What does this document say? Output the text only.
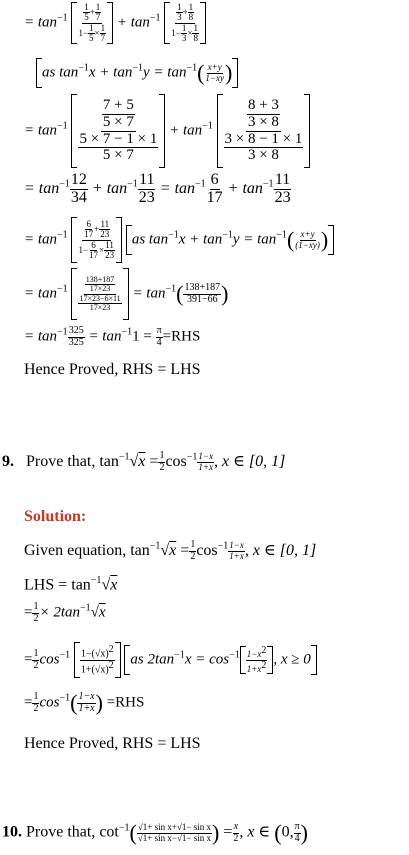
= $\tan^{-1} \frac{\frac{1}{5} + \frac{1}{7}}{1- \frac{1}{5} \times \frac{1}{7}} + \tan^{-1} \frac{\frac{1}{3} + \frac{1}{8}}{1- \frac{1}{3} \times \frac{1}{8}}$
as $\tan^{-1}x + \tan^{-1}y = \tan^{-1}( \frac{x+y}{1-xy}$ )
= $\tan^{-1} \frac{\frac{7 + 5}{5 \times 7}}{\frac{5 \times 7 - 1 \times 1}{5 \times 7}} + \tan^{-1} \frac{\frac{8 + 3}{3 \times 8}}{\frac{3 \times 8 - 1 \times 1}{3 \times 8}}$
= $\tan^{-1} \frac{12}{34} + \tan^{-1} \frac{11}{23} = \tan^{-1} \frac{6}{17} + \tan^{-1} \frac{11}{23}$
= $\tan^{-1} \frac{\frac{6}{17} + \frac{11}{23}}{1- \frac{6}{17} \times \frac{11}{23}}$ as $\tan^{-1}x + \tan^{-1}y = \tan^{-1}( \frac{x+y}{(1-xy)}$ )
= $\tan^{-1} \frac{\frac{138+187}{17\times 23}}{\frac{17\times 23-6\times 11}{17\times 23}} = \tan^{-1}( \frac{138+187}{391-66}$ )
= $\tan^{-1} \frac{325}{325} = \tan^{-1}1 = \frac{\pi}{4} =RHS$
Hence Proved, RHS = LHS
9. Prove that, $\tan^{-1}√x = \frac{1}{2} \cos^{-1} \frac{1-x}{1+x}$ , x ∈ [0, 1]
Solution:
Given equation, $\tan^{-1}√x = \frac{1}{2} \cos^{-1} \frac{1-x}{1+x}$ , x ∈ [0, 1]
LHS = $\tan^{-1}√x$
= $\frac{1}{2} \times 2\tan^{-1}√x$
= $\frac{1}{2} \cos^{-1} \frac{1-(√x)2}{1+(√x)2}$ as $2\tan^{-1}x = \cos^{-1} \frac{1-x2}{1+x2}$ , x ≥ 0
= $\frac{1}{2} \cos^{-1}( \frac{1-x}{1+x}$ ) =RHS
Hence Proved, RHS = LHS
10. Prove that, $\cot^{-1}( \frac{\text{√1+ sin x+√1− sin x}}{\text{√1+ sin x−√1− sin x}}$ ) = $\frac{x}{2}$ , x ∈ (0, $\frac{\pi}{4}$ )
